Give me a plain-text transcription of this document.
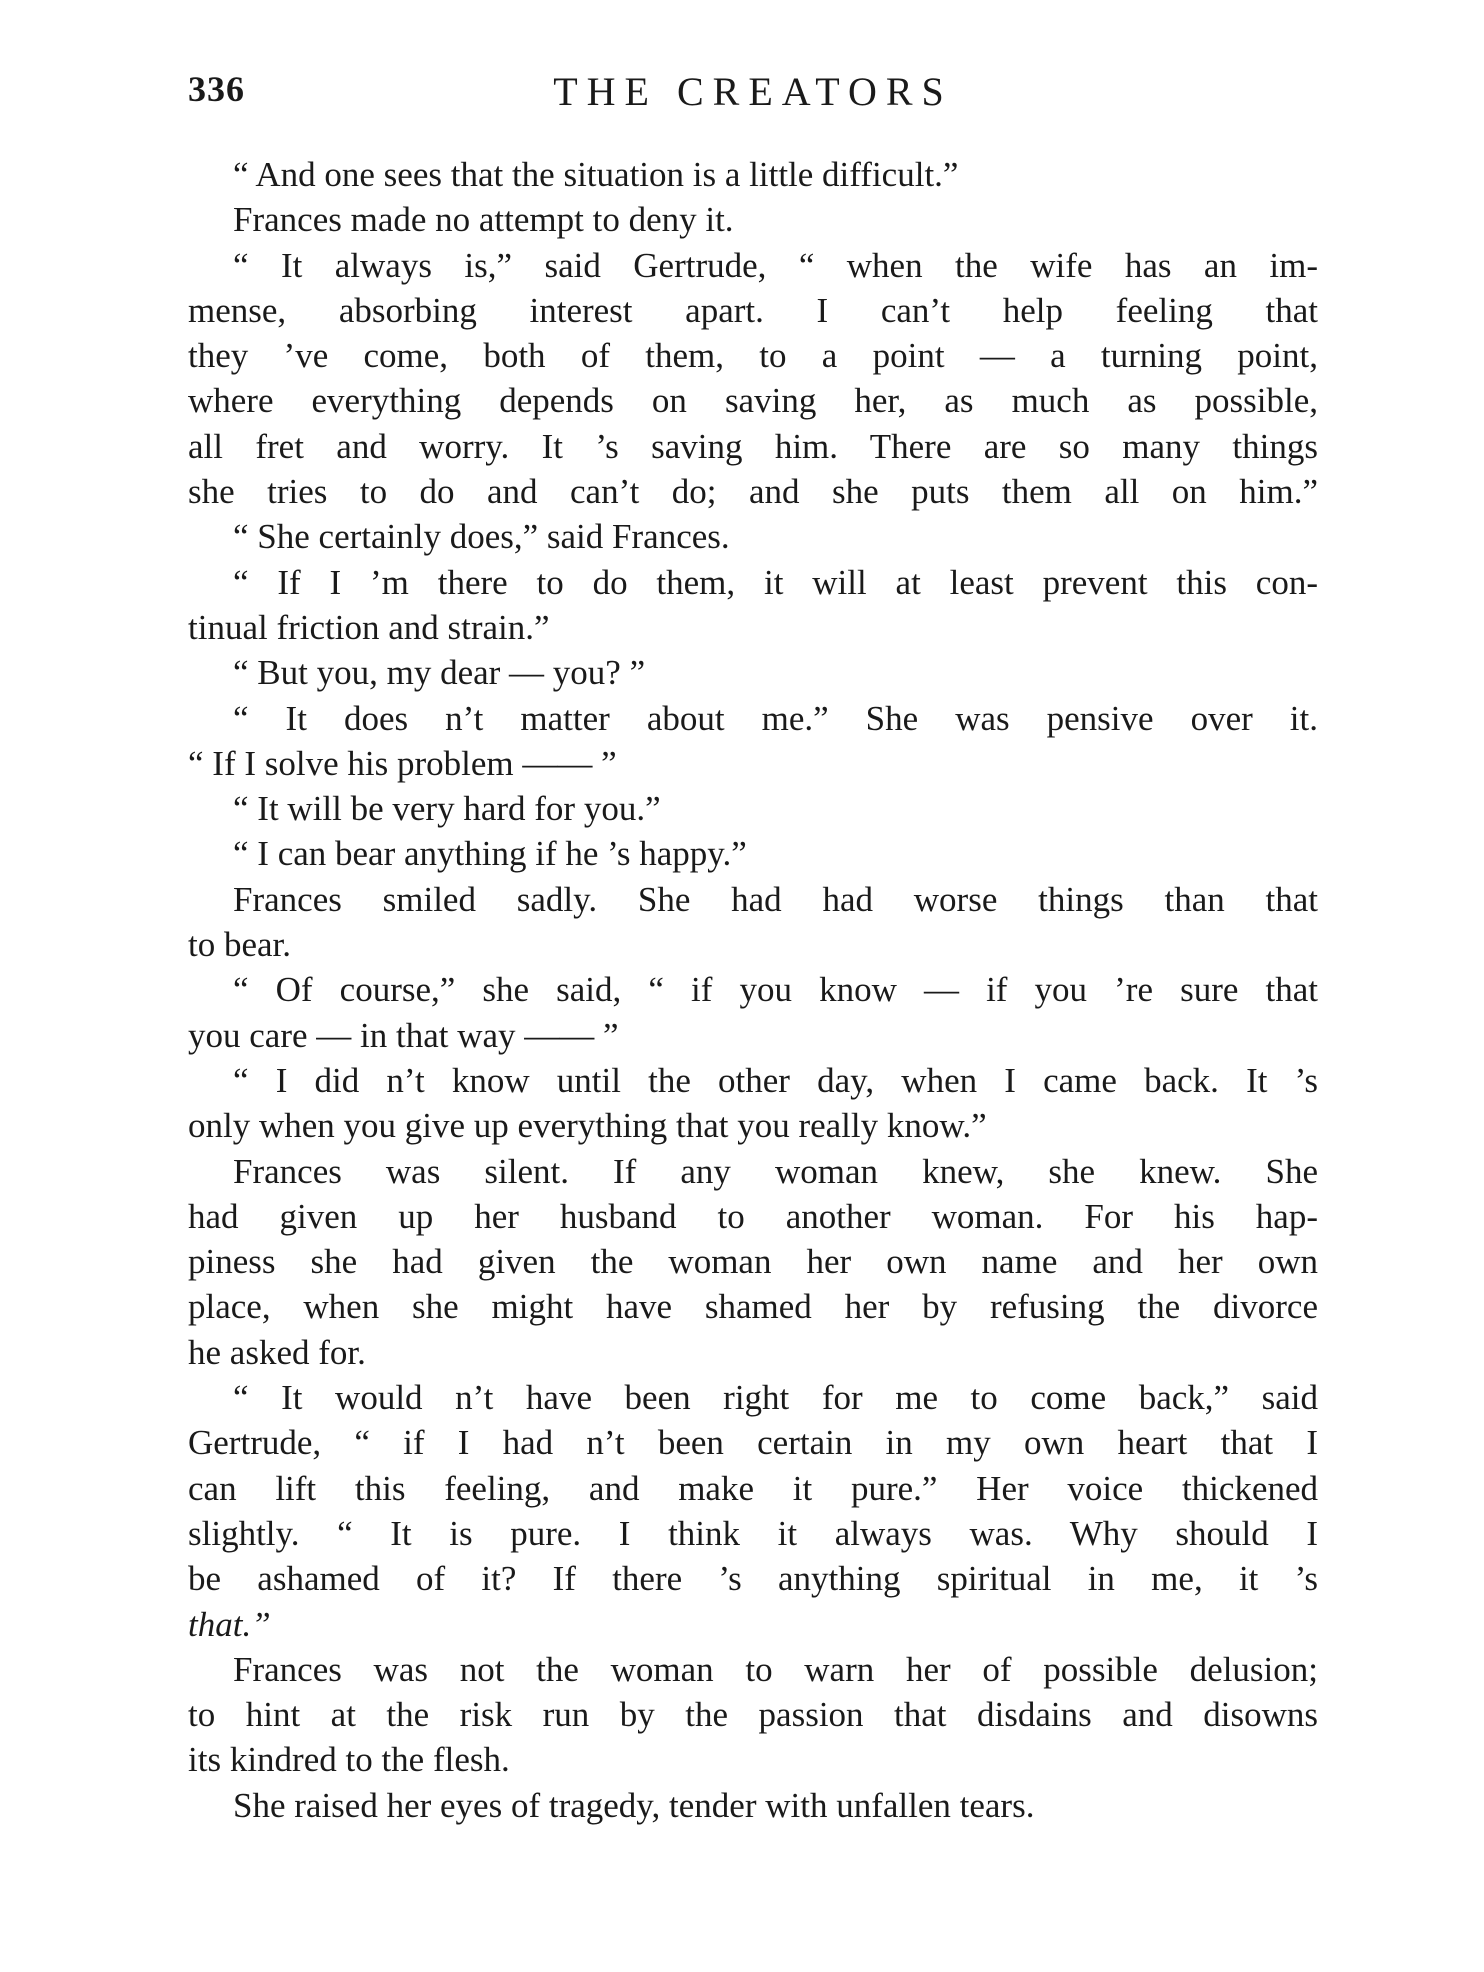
336	THE CREATORS
“ And one sees that the situation is a little difficult.”
Frances made no attempt to deny it.
“ It always is,” said Gertrude, “ when the wife has an im-
mense, absorbing interest apart. I can’t help feeling that
they ’ve come, both of them, to a point — a turning point,
where everything depends on saving her, as much as possible,
all fret and worry. It ’s saving him. There are so many things
she tries to do and can’t do; and she puts them all on him.”
“ She certainly does,” said Frances.
“ If I ’m there to do them, it will at least prevent this con-
tinual friction and strain.”
“ But you, my dear — you? ”
“ It does n’t matter about me.” She was pensive over it.
“ If I solve his problem —— ”
“ It will be very hard for you.”
“ I can bear anything if he ’s happy.”
Frances smiled sadly. She had had worse things than that
to bear.
“ Of course,” she said, “ if you know — if you ’re sure that
you care — in that way —— ”
“ I did n’t know until the other day, when I came back. It ’s
only when you give up everything that you really know.”
Frances was silent. If any woman knew, she knew. She
had given up her husband to another woman. For his hap-
piness she had given the woman her own name and her own
place, when she might have shamed her by refusing the divorce
he asked for.
“ It would n’t have been right for me to come back,” said
Gertrude, “ if I had n’t been certain in my own heart that I
can lift this feeling, and make it pure.” Her voice thickened
slightly. “ It is pure. I think it always was. Why should I
be ashamed of it? If there ’s anything spiritual in me, it ’s
that.”
Frances was not the woman to warn her of possible delusion;
to hint at the risk run by the passion that disdains and disowns
its kindred to the flesh.
She raised her eyes of tragedy, tender with unfallen tears.
